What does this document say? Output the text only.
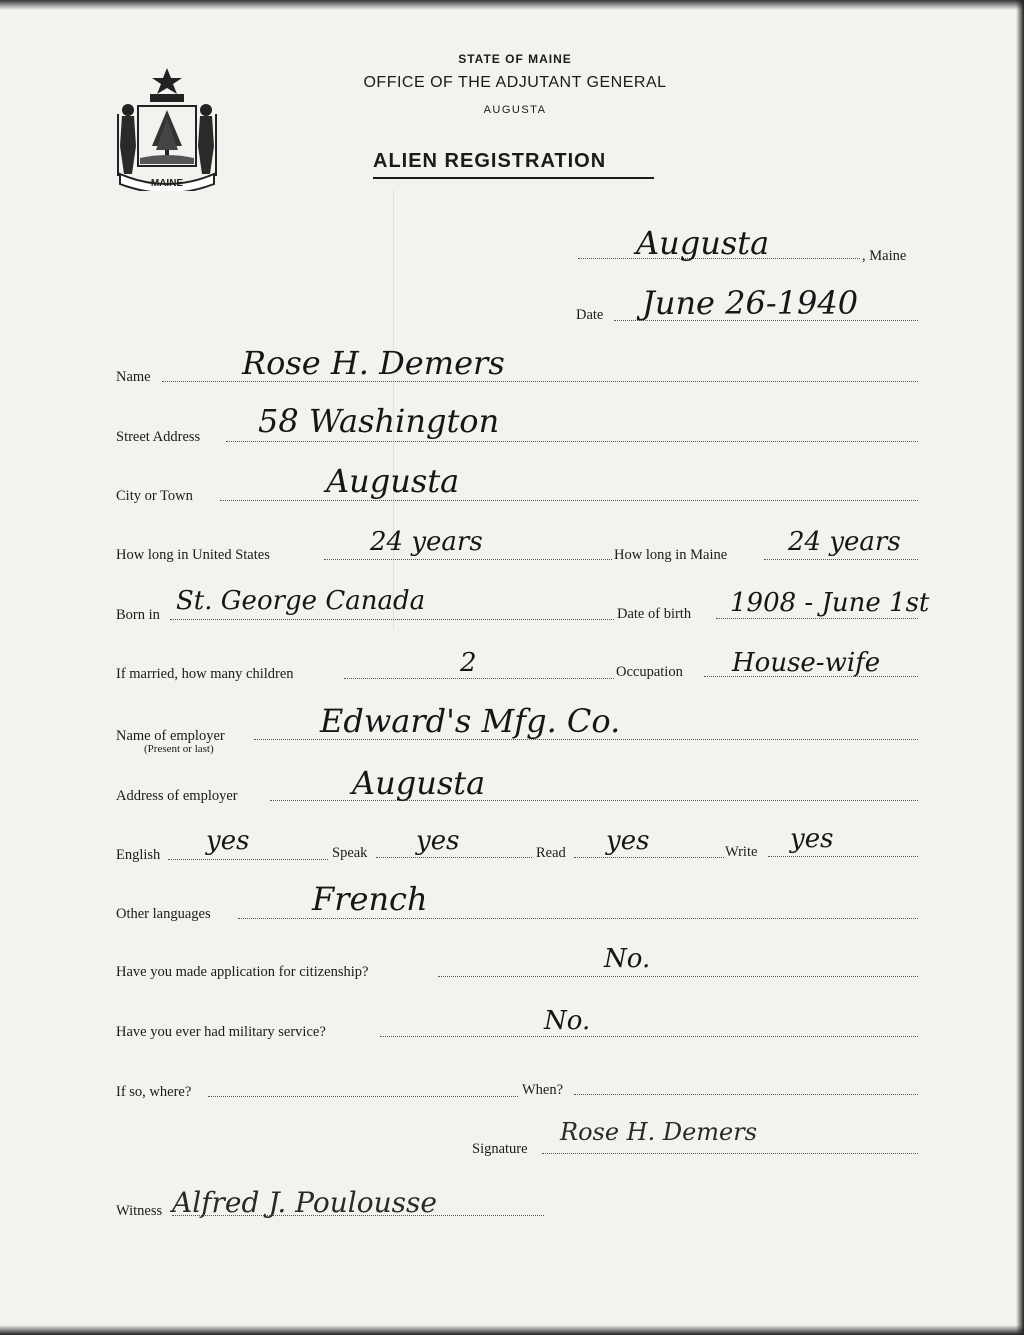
MAINE
STATE OF MAINE
OFFICE OF THE ADJUTANT GENERAL
AUGUSTA
ALIEN REGISTRATION
Augusta	, Maine
Date June 26-1940
Name	Rose H. Demers
Street Address 58 Washington
City or Town	Augusta
How long in United States	24 years	How long in Maine 24 years
Born in St. George Canada	Date of birth 1908 - June 1st
If married, how many children	2	Occupation House-wife
Name of employer
(Present or last)
Edward's Mfg. Co.
Address of employer	Augusta
English yes	Speak yes	Read yes	Write yes
Other languages	French
Have you made application for citizenship?	No.
Have you ever had military service?	No.
If so, where?	When?
Signature
Rose H. Demers
Witness Alfred J. Poulousse
